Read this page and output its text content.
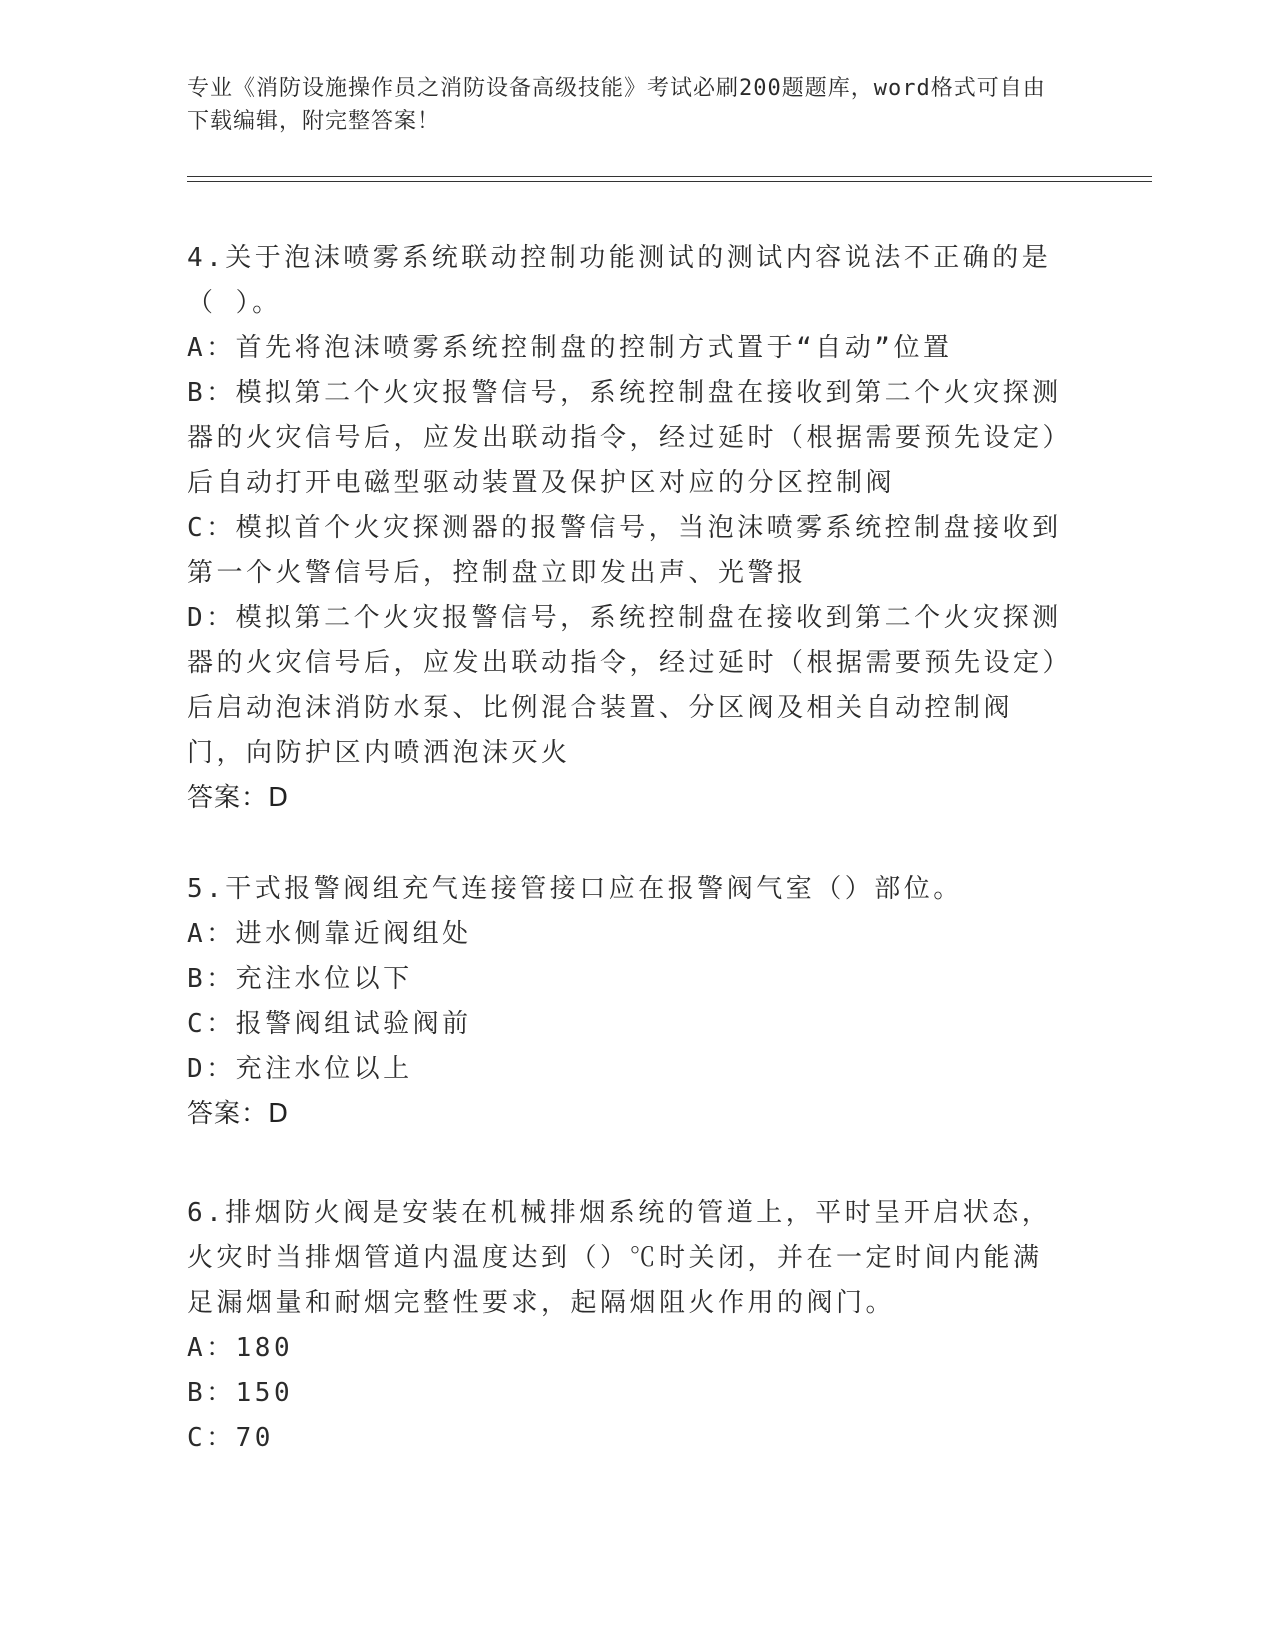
专业《消防设施操作员之消防设备高级技能》考试必刷200题题库，word格式可自由下载编辑，附完整答案！
4.关于泡沫喷雾系统联动控制功能测试的测试内容说法不正确的是（ ）。
A：首先将泡沫喷雾系统控制盘的控制方式置于“自动”位置
B：模拟第二个火灾报警信号，系统控制盘在接收到第二个火灾探测器的火灾信号后，应发出联动指令，经过延时（根据需要预先设定）后自动打开电磁型驱动装置及保护区对应的分区控制阀
C：模拟首个火灾探测器的报警信号，当泡沫喷雾系统控制盘接收到第一个火警信号后，控制盘立即发出声、光警报
D：模拟第二个火灾报警信号，系统控制盘在接收到第二个火灾探测器的火灾信号后，应发出联动指令，经过延时（根据需要预先设定）后启动泡沫消防水泵、比例混合装置、分区阀及相关自动控制阀门，向防护区内喷洒泡沫灭火
答案：D
5.干式报警阀组充气连接管接口应在报警阀气室（）部位。
A：进水侧靠近阀组处
B：充注水位以下
C：报警阀组试验阀前
D：充注水位以上
答案：D
6.排烟防火阀是安装在机械排烟系统的管道上，平时呈开启状态，火灾时当排烟管道内温度达到（）℃时关闭，并在一定时间内能满足漏烟量和耐烟完整性要求，起隔烟阻火作用的阀门。
A：180
B：150
C：70
